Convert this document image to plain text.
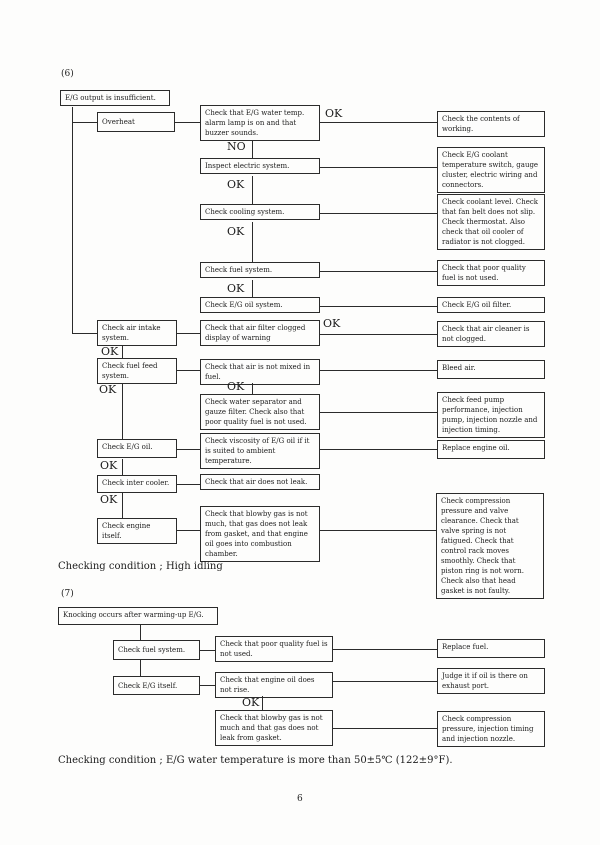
(6)
E/G output is insufficient.
Overheat
Check that E/G water temp. alarm lamp is on and that buzzer sounds.
Inspect electric system.
Check cooling system.
Check fuel system.
Check E/G oil system.
Check that air filter clogged display of warning
Check that air is not mixed in fuel.
Check water separator and gauze filter. Check also that poor quality fuel is not used.
Check viscosity of E/G oil if it is suited to ambient temperature.
Check that air does not leak.
Check that blowby gas is not much, that gas does not leak from gasket, and that engine oil goes into combustion chamber.
Check the contents of working.
Check E/G coolant temperature switch, gauge cluster, electric wiring and connectors.
Check coolant level. Check that fan belt does not slip. Check thermostat. Also check that oil cooler of radiator is not clogged.
Check that poor quality fuel is not used.
Check E/G oil filter.
Check that air cleaner is not clogged.
Bleed air.
Check feed pump performance, injection pump, injection nozzle and injection timing.
Replace engine oil.
Check compression pressure and valve clearance. Check that valve spring is not fatigued. Check that control rack moves smoothly. Check that piston ring is not worn. Check also that head gasket is not faulty.
Check air intake system.
Check fuel feed system.
Check E/G oil.
Check inter cooler.
Check engine itself.
OK
NO
OK
OK
OK
OK
OK
OK	OK
OK
OK
Checking condition ; High idling
(7)
Knocking occurs after warming-up E/G.
Check fuel system.
Check that poor quality fuel is not used.
Replace fuel.
Check E/G itself.
Check that engine oil does not rise.
Judge it if oil is there on exhaust port.
Check that blowby gas is not much and that gas does not leak from gasket.
Check compression pressure, injection timing and injection nozzle.
OK
Checking condition ; E/G water temperature is more than 50±5℃ (122±9°F).
6
